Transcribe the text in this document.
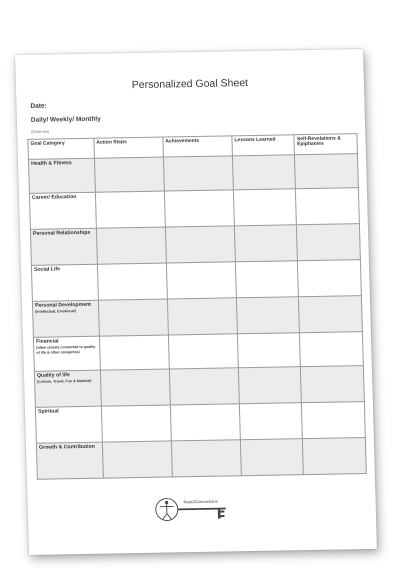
Personalized Goal Sheet
Date:
Daily/ Weekly/ Monthly
(Circle one)
Goal Category	Action Steps	Achievements	Lessons Learned	Self-Revelations & Epiphanies

Health & Fitness				

Career/ Education				

Personal Relationships				

Social Life				

Personal Development
(Intellectual, Emotional)				

Financial
(often closely connected to quality of life & other categories)				

Quality of life
(Leisure, Travel, Fun & Material)				

Spiritual				

Growth & Contribution				

Keys2Concussions
